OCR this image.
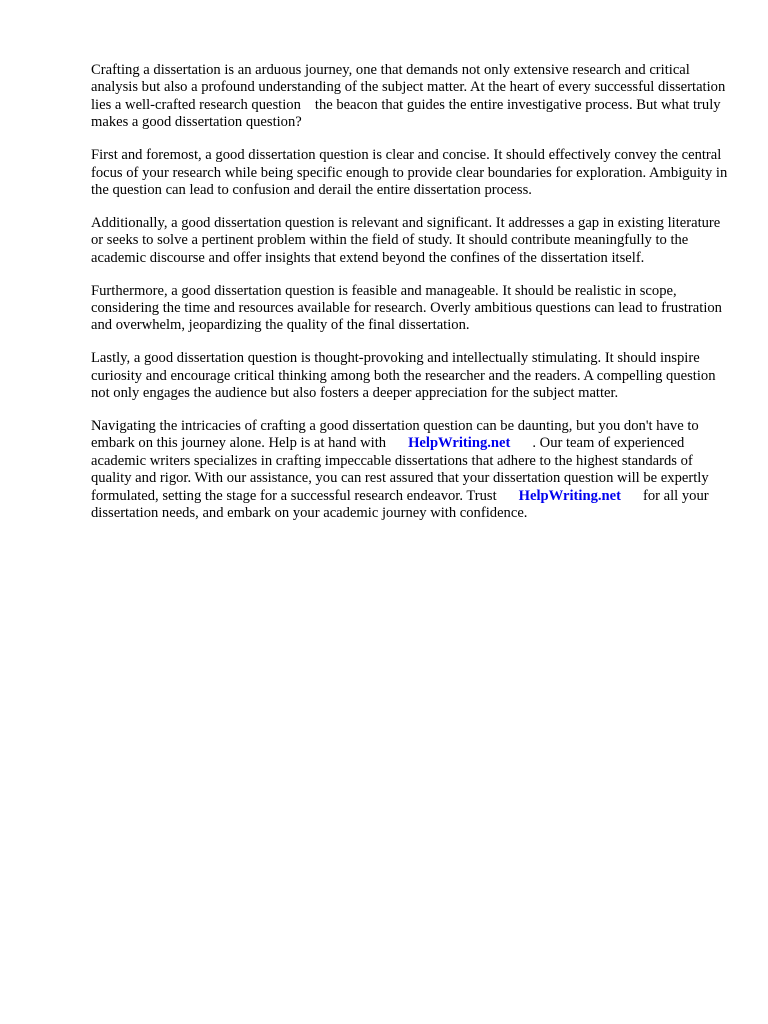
Crafting a dissertation is an arduous journey, one that demands not only extensive research and critical analysis but also a profound understanding of the subject matter. At the heart of every successful dissertation lies a well-crafted research question the beacon that guides the entire investigative process. But what truly makes a good dissertation question?

First and foremost, a good dissertation question is clear and concise. It should effectively convey the central focus of your research while being specific enough to provide clear boundaries for exploration. Ambiguity in the question can lead to confusion and derail the entire dissertation process.

Additionally, a good dissertation question is relevant and significant. It addresses a gap in existing literature or seeks to solve a pertinent problem within the field of study. It should contribute meaningfully to the academic discourse and offer insights that extend beyond the confines of the dissertation itself.

Furthermore, a good dissertation question is feasible and manageable. It should be realistic in scope, considering the time and resources available for research. Overly ambitious questions can lead to frustration and overwhelm, jeopardizing the quality of the final dissertation.

Lastly, a good dissertation question is thought-provoking and intellectually stimulating. It should inspire curiosity and encourage critical thinking among both the researcher and the readers. A compelling question not only engages the audience but also fosters a deeper appreciation for the subject matter.

Navigating the intricacies of crafting a good dissertation question can be daunting, but you don't have to embark on this journey alone. Help is at hand with HelpWriting.net . Our team of experienced academic writers specializes in crafting impeccable dissertations that adhere to the highest standards of quality and rigor. With our assistance, you can rest assured that your dissertation question will be expertly formulated, setting the stage for a successful research endeavor. Trust HelpWriting.net for all your dissertation needs, and embark on your academic journey with confidence.
